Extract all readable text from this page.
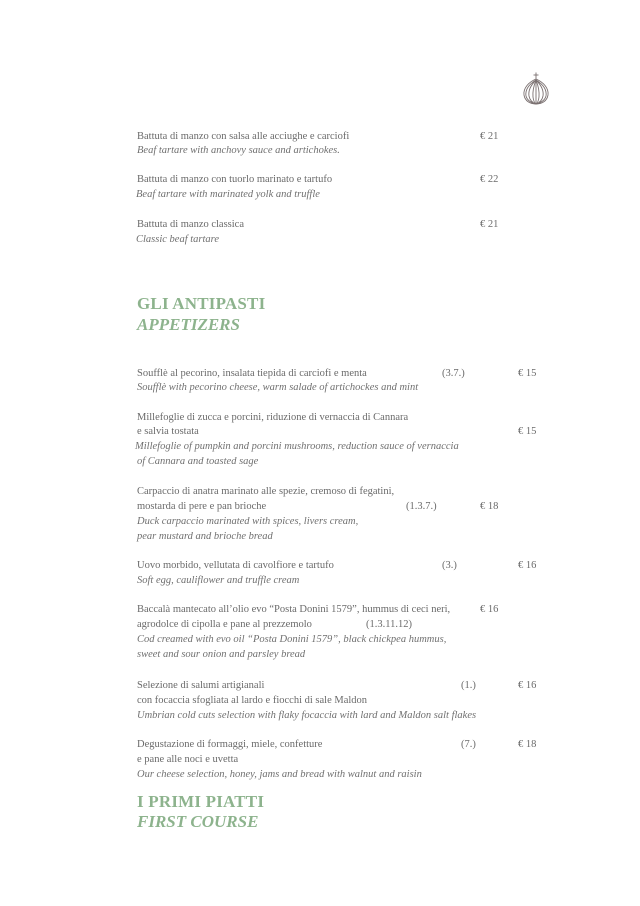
Battuta di manzo con salsa alle acciughe e carciofi
Beaf tartare with anchovy sauce and artichokes.
€ 21
Battuta di manzo con tuorlo marinato e tartufo
Beaf tartare with marinated yolk and truffle
€ 22
Battuta di manzo classica
Classic beaf tartare
€ 21
GLI ANTIPASTI
APPETIZERS
Soufflè al pecorino, insalata tiepida di carciofi e menta
Soufflè with pecorino cheese, warm salade of artichockes and mint
(3.7.)	€ 15
Millefoglie di zucca e porcini, riduzione di vernaccia di Cannara
e salvia tostata
Millefoglie of pumpkin and porcini mushrooms, reduction sauce of vernaccia
of Cannara and toasted sage
€ 15
Carpaccio di anatra marinato alle spezie, cremoso di fegatini,
mostarda di pere e pan brioche
Duck carpaccio marinated with spices, livers cream,
pear mustard and brioche bread
(1.3.7.)	€ 18
Uovo morbido, vellutata di cavolfiore e tartufo
Soft egg, cauliflower and truffle cream
(3.)	€ 16
Baccalà mantecato all’olio evo “Posta Donini 1579”, hummus di ceci neri,
agrodolce di cipolla e pane al prezzemolo
Cod creamed with evo oil “Posta Donini 1579”, black chickpea hummus,
sweet and sour onion and parsley bread
(1.3.11.12)
€ 16
Selezione di salumi artigianali
con focaccia sfogliata al lardo e fiocchi di sale Maldon
Umbrian cold cuts selection with flaky focaccia with lard and Maldon salt flakes
(1.)	€ 16
Degustazione di formaggi, miele, confetture
e pane alle noci e uvetta
Our cheese selection, honey, jams and bread with walnut and raisin
(7.)	€ 18
I PRIMI PIATTI
FIRST COURSE
